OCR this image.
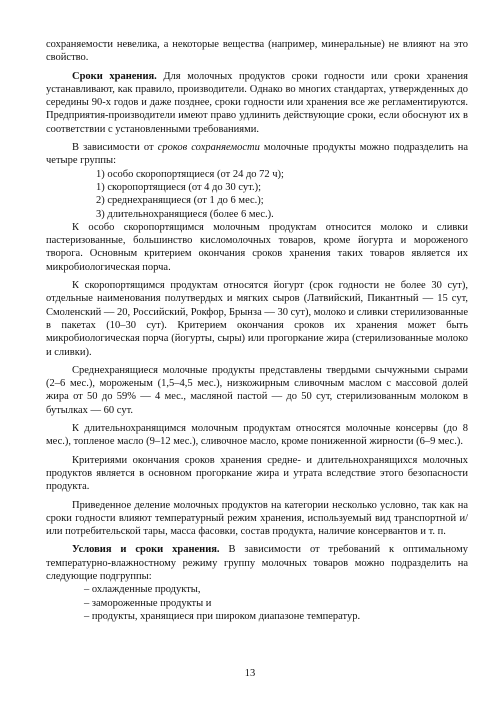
сохраняемости невелика, а некоторые вещества (например, минеральные) не влияют на это свойство.

Сроки хранения. Для молочных продуктов сроки годности или сроки хранения устанавливают, как правило, производители. Однако во многих стандартах, утвержденных до середины 90-х годов и даже позднее, сроки годности или хранения все же регламентируются. Предприятия-производители имеют право удлинить действующие сроки, если обоснуют их в соответствии с установленными требованиями.

В зависимости от сроков сохраняемости молочные продукты можно подразделить на четыре группы:

1) особо скоропортящиеся (от 24 до 72 ч);

1) скоропортящиеся (от 4 до 30 сут.);

2) среднехранящиеся (от 1 до 6 мес.);

3) длительнохранящиеся (более 6 мес.).

К особо скоропортящимся молочным продуктам относится молоко и сливки пастеризованные, большинство кисломолочных товаров, кроме йогурта и мороженого творога. Основным критерием окончания сроков хранения таких товаров является их микробиологическая порча.

К скоропортящимся продуктам относятся йогурт (срок годности не более 30 сут), отдельные наименования полутвердых и мягких сыров (Латвийский, Пикантный — 15 сут, Смоленский — 20, Российский, Рокфор, Брынза — 30 сут), молоко и сливки стерилизованные в пакетах (10–30 сут). Критерием окончания сроков их хранения может быть микробиологическая порча (йогурты, сыры) или прогоркание жира (стерилизованные молоко и сливки).

Среднехранящиеся молочные продукты представлены твердыми сычужными сырами (2–6 мес.), мороженым (1,5–4,5 мес.), низкожирным сливочным маслом с массовой долей жира от 50 до 59% — 4 мес., масляной пастой — до 50 сут, стерилизованным молоком в бутылках — 60 сут.

К длительнохранящимся молочным продуктам относятся молочные консервы (до 8 мес.), топленое масло (9–12 мес.), сливочное масло, кроме пониженной жирности (6–9 мес.).

Критериями окончания сроков хранения средне- и длительнохранящихся молочных продуктов является в основном прогоркание жира и утрата вследствие этого безопасности продукта.

Приведенное деление молочных продуктов на категории несколько условно, так как на сроки годности влияют температурный режим хранения, используемый вид транспортной и/или потребительской тары, масса фасовки, состав продукта, наличие консервантов и т. п.

Условия и сроки хранения. В зависимости от требований к оптимальному температурно-влажностному режиму группу молочных товаров можно подразделить на следующие подгруппы:

– охлажденные продукты,

– замороженные продукты и

– продукты, хранящиеся при широком диапазоне температур.

13
